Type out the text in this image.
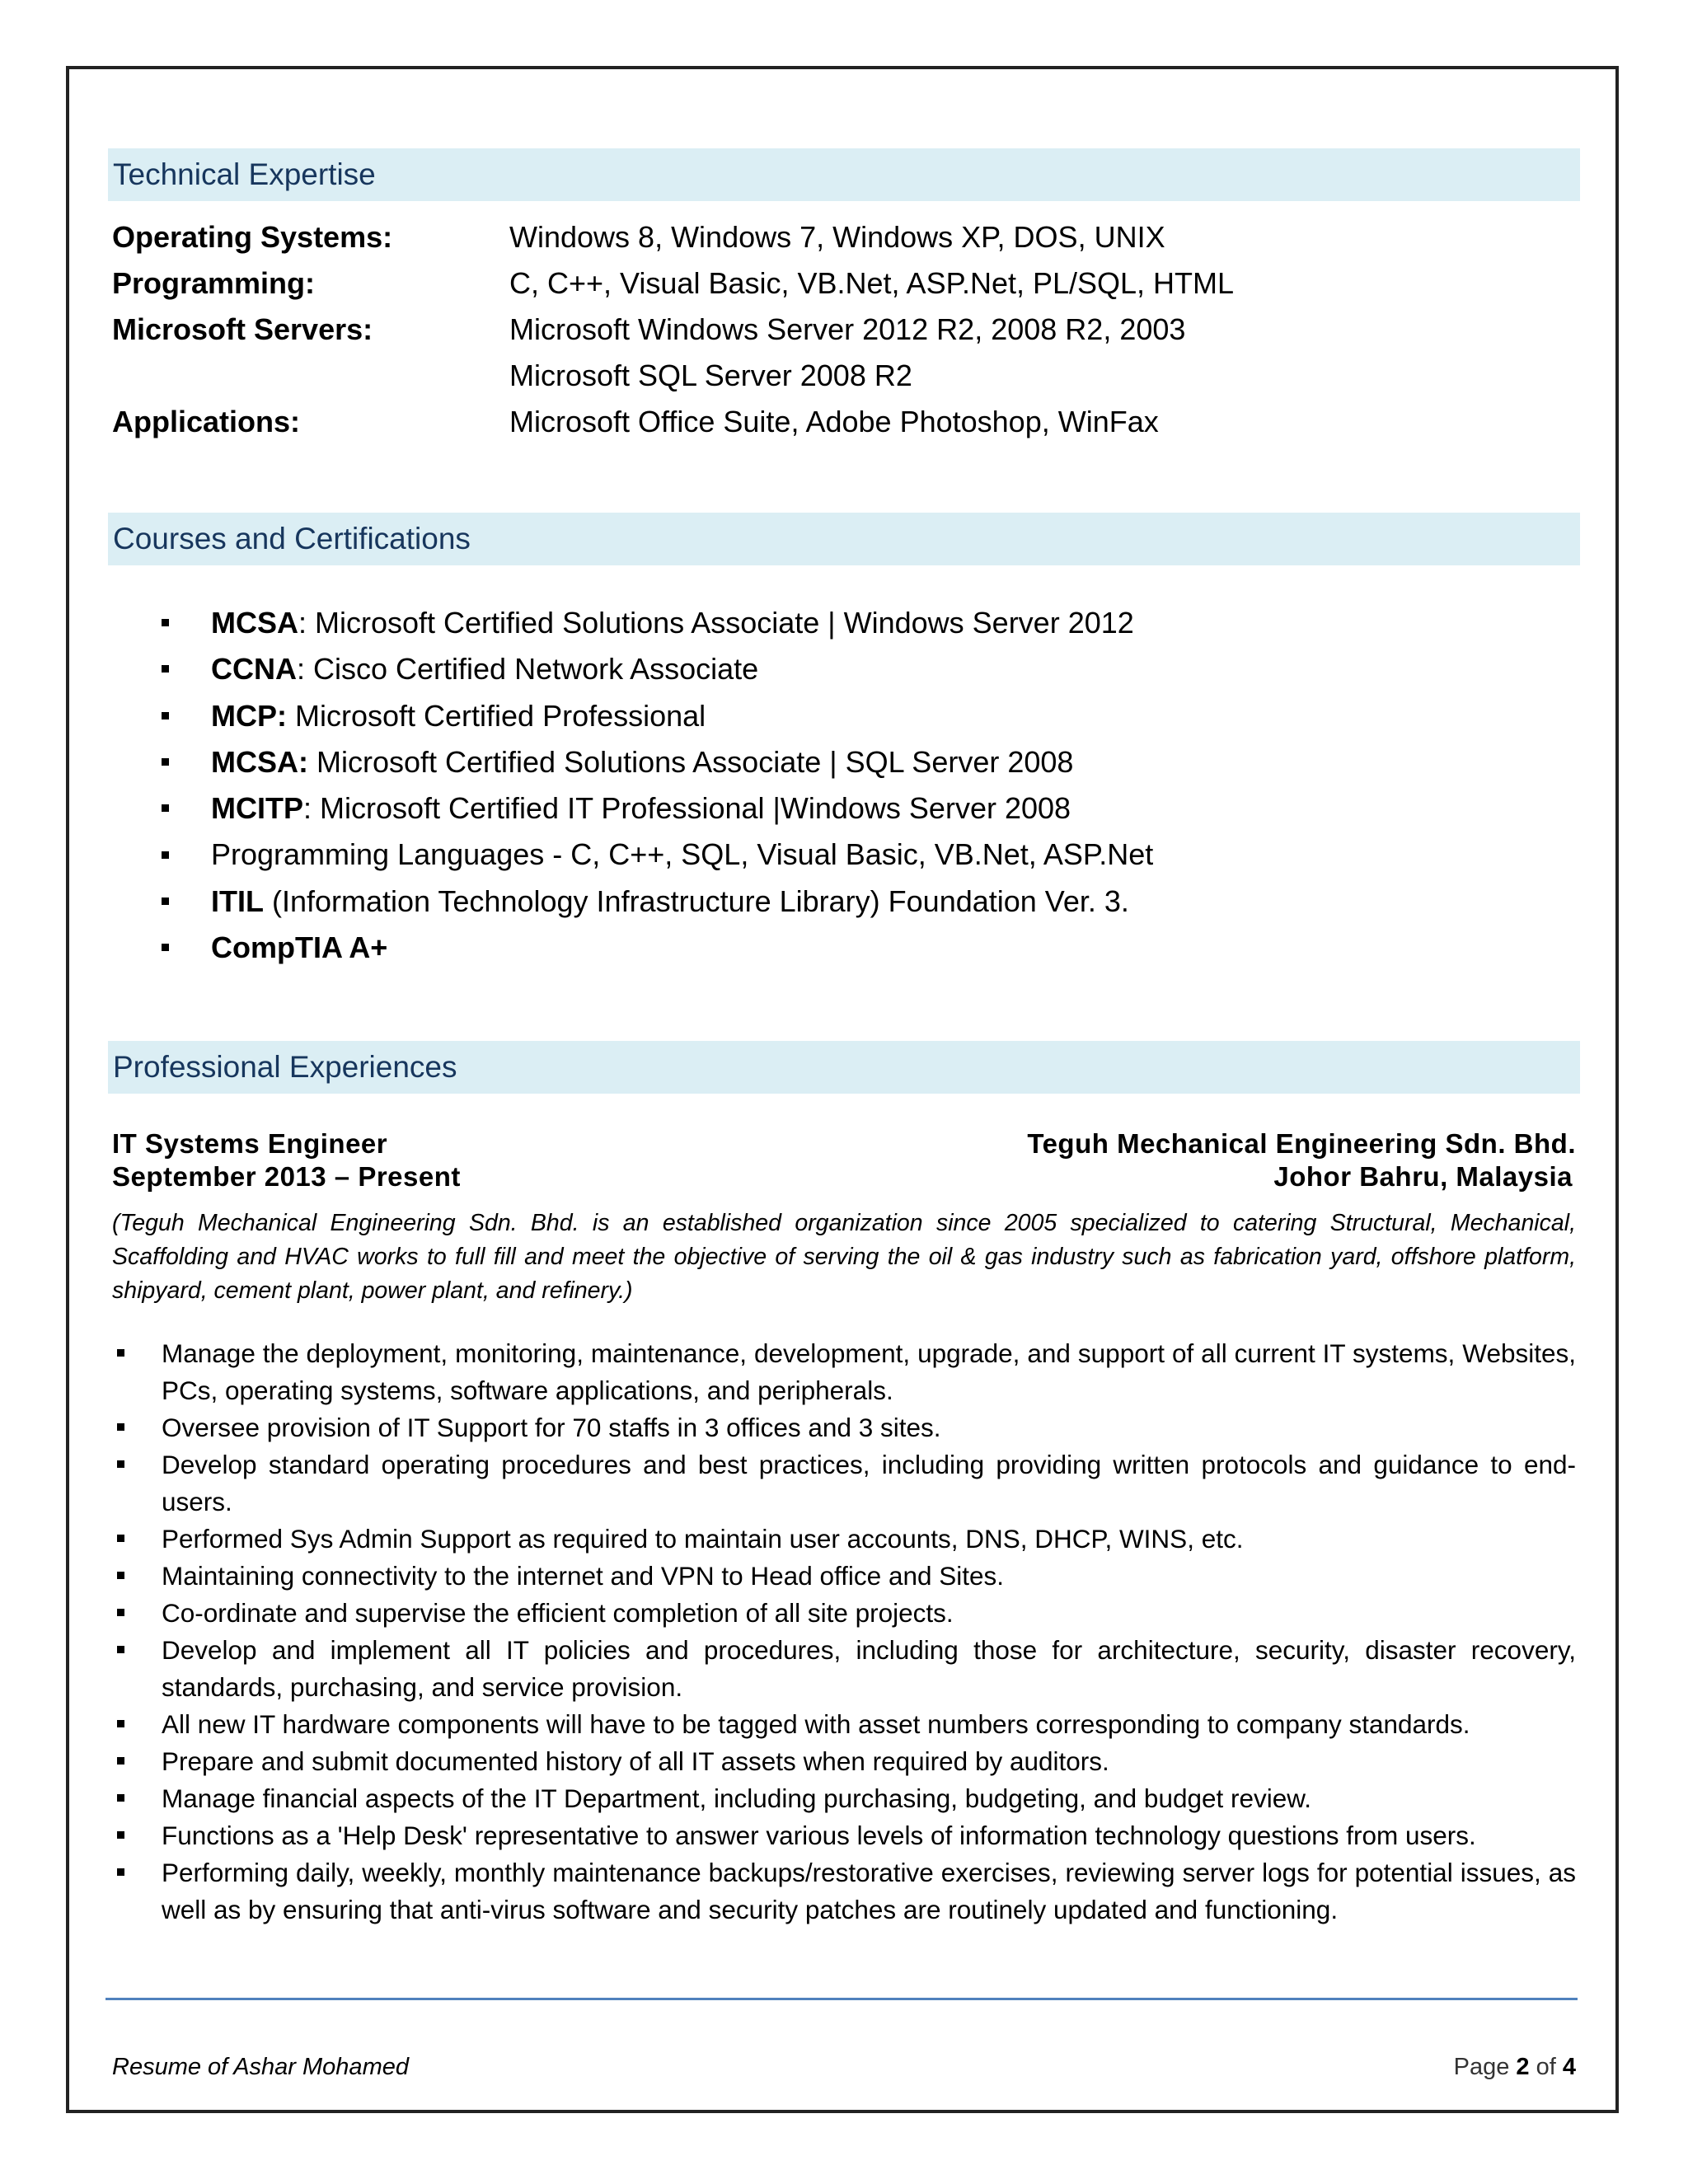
Technical Expertise
Operating Systems:	Windows 8, Windows 7, Windows XP, DOS, UNIX
Programming:	C, C++, Visual Basic, VB.Net, ASP.Net, PL/SQL, HTML
Microsoft Servers:	Microsoft Windows Server 2012 R2, 2008 R2, 2003
Microsoft SQL Server 2008 R2
Applications:	Microsoft Office Suite, Adobe Photoshop, WinFax
Courses and Certifications
MCSA: Microsoft Certified Solutions Associate | Windows Server 2012
CCNA: Cisco Certified Network Associate
MCP: Microsoft Certified Professional
MCSA: Microsoft Certified Solutions Associate | SQL Server 2008
MCITP: Microsoft Certified IT Professional |Windows Server 2008
Programming Languages - C, C++, SQL, Visual Basic, VB.Net, ASP.Net
ITIL (Information Technology Infrastructure Library) Foundation Ver. 3.
CompTIA A+
Professional Experiences
IT Systems Engineer
September 2013 – Present
Teguh Mechanical Engineering Sdn. Bhd.
Johor Bahru, Malaysia
(Teguh Mechanical Engineering Sdn. Bhd. is an established organization since 2005 specialized to catering Structural, Mechanical, Scaffolding and HVAC works to full fill and meet the objective of serving the oil & gas industry such as fabrication yard, offshore platform, shipyard, cement plant, power plant, and refinery.)
Manage the deployment, monitoring, maintenance, development, upgrade, and support of all current IT systems, Websites, PCs, operating systems, software applications, and peripherals.
Oversee provision of IT Support for 70 staffs in 3 offices and 3 sites.
Develop standard operating procedures and best practices, including providing written protocols and guidance to end-users.
Performed Sys Admin Support as required to maintain user accounts, DNS, DHCP, WINS, etc.
Maintaining connectivity to the internet and VPN to Head office and Sites.
Co-ordinate and supervise the efficient completion of all site projects.
Develop and implement all IT policies and procedures, including those for architecture, security, disaster recovery, standards, purchasing, and service provision.
All new IT hardware components will have to be tagged with asset numbers corresponding to company standards.
Prepare and submit documented history of all IT assets when required by auditors.
Manage financial aspects of the IT Department, including purchasing, budgeting, and budget review.
Functions as a 'Help Desk' representative to answer various levels of information technology questions from users.
Performing daily, weekly, monthly maintenance backups/restorative exercises, reviewing server logs for potential issues, as well as by ensuring that anti-virus software and security patches are routinely updated and functioning.
Resume of Ashar Mohamed	Page 2 of 4
